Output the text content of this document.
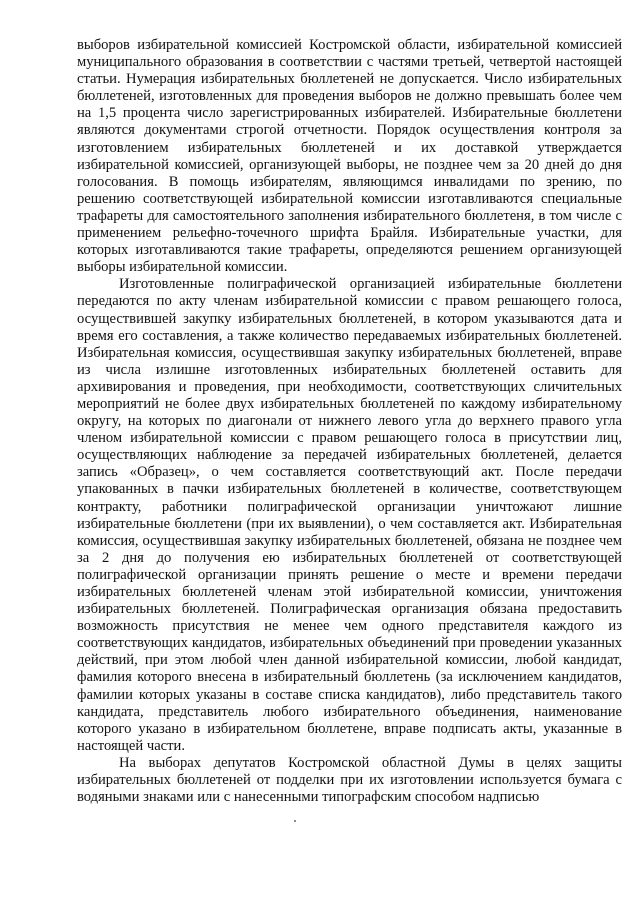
выборов избирательной комиссией Костромской области, избирательной комиссией муниципального образования в соответствии с частями третьей, четвертой настоящей статьи. Нумерация избирательных бюллетеней не допускается. Число избирательных бюллетеней, изготовленных для проведения выборов не должно превышать более чем на 1,5 процента число зарегистрированных избирателей. Избирательные бюллетени являются документами строгой отчетности. Порядок осуществления контроля за изготовлением избирательных бюллетеней и их доставкой утверждается избирательной комиссией, организующей выборы, не позднее чем за 20 дней до дня голосования. В помощь избирателям, являющимся инвалидами по зрению, по решению соответствующей избирательной комиссии изготавливаются специальные трафареты для самостоятельного заполнения избирательного бюллетеня, в том числе с применением рельефно-точечного шрифта Брайля. Избирательные участки, для которых изготавливаются такие трафареты, определяются решением организующей выборы избирательной комиссии.

Изготовленные полиграфической организацией избирательные бюллетени передаются по акту членам избирательной комиссии с правом решающего голоса, осуществившей закупку избирательных бюллетеней, в котором указываются дата и время его составления, а также количество передаваемых избирательных бюллетеней. Избирательная комиссия, осуществившая закупку избирательных бюллетеней, вправе из числа излишне изготовленных избирательных бюллетеней оставить для архивирования и проведения, при необходимости, соответствующих сличительных мероприятий не более двух избирательных бюллетеней по каждому избирательному округу, на которых по диагонали от нижнего левого угла до верхнего правого угла членом избирательной комиссии с правом решающего голоса в присутствии лиц, осуществляющих наблюдение за передачей избирательных бюллетеней, делается запись «Образец», о чем составляется соответствующий акт. После передачи упакованных в пачки избирательных бюллетеней в количестве, соответствующем контракту, работники полиграфической организации уничтожают лишние избирательные бюллетени (при их выявлении), о чем составляется акт. Избирательная комиссия, осуществившая закупку избирательных бюллетеней, обязана не позднее чем за 2 дня до получения ею избирательных бюллетеней от соответствующей полиграфической организации принять решение о месте и времени передачи избирательных бюллетеней членам этой избирательной комиссии, уничтожения избирательных бюллетеней. Полиграфическая организация обязана предоставить возможность присутствия не менее чем одного представителя каждого из соответствующих кандидатов, избирательных объединений при проведении указанных действий, при этом любой член данной избирательной комиссии, любой кандидат, фамилия которого внесена в избирательный бюллетень (за исключением кандидатов, фамилии которых указаны в составе списка кандидатов), либо представитель такого кандидата, представитель любого избирательного объединения, наименование которого указано в избирательном бюллетене, вправе подписать акты, указанные в настоящей части.

На выборах депутатов Костромской областной Думы в целях защиты избирательных бюллетеней от подделки при их изготовлении используется бумага с водяными знаками или с нанесенными типографским способом надписью
